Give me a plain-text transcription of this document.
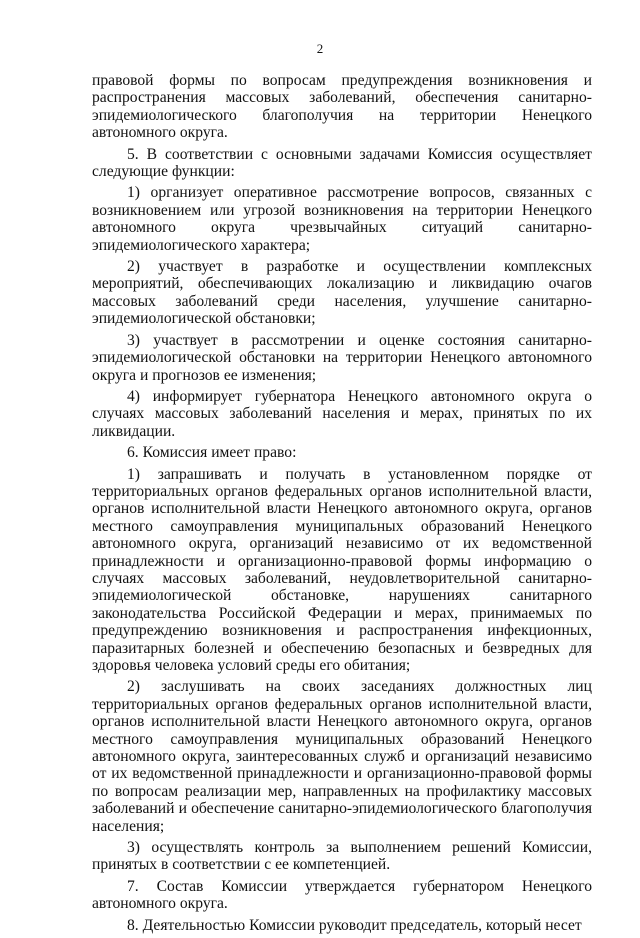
2

правовой формы по вопросам предупреждения возникновения и распространения массовых заболеваний, обеспечения санитарно-эпидемиологического благополучия на территории Ненецкого автономного округа.

5. В соответствии с основными задачами Комиссия осуществляет следующие функции:

1) организует оперативное рассмотрение вопросов, связанных с возникновением или угрозой возникновения на территории Ненецкого автономного округа чрезвычайных ситуаций санитарно-эпидемиологического характера;

2) участвует в разработке и осуществлении комплексных мероприятий, обеспечивающих локализацию и ликвидацию очагов массовых заболеваний среди населения, улучшение санитарно-эпидемиологической обстановки;

3) участвует в рассмотрении и оценке состояния санитарно-эпидемиологической обстановки на территории Ненецкого автономного округа и прогнозов ее изменения;

4) информирует губернатора Ненецкого автономного округа о случаях массовых заболеваний населения и мерах, принятых по их ликвидации.

6. Комиссия имеет право:

1) запрашивать и получать в установленном порядке от территориальных органов федеральных органов исполнительной власти, органов исполнительной власти Ненецкого автономного округа, органов местного самоуправления муниципальных образований Ненецкого автономного округа, организаций независимо от их ведомственной принадлежности и организационно-правовой формы информацию о случаях массовых заболеваний, неудовлетворительной санитарно-эпидемиологической обстановке, нарушениях санитарного законодательства Российской Федерации и мерах, принимаемых по предупреждению возникновения и распространения инфекционных, паразитарных болезней и обеспечению безопасных и безвредных для здоровья человека условий среды его обитания;

2) заслушивать на своих заседаниях должностных лиц территориальных органов федеральных органов исполнительной власти, органов исполнительной власти Ненецкого автономного округа, органов местного самоуправления муниципальных образований Ненецкого автономного округа, заинтересованных служб и организаций независимо от их ведомственной принадлежности и организационно-правовой формы по вопросам реализации мер, направленных на профилактику массовых заболеваний и обеспечение санитарно-эпидемиологического благополучия населения;

3) осуществлять контроль за выполнением решений Комиссии, принятых в соответствии с ее компетенцией.

7. Состав Комиссии утверждается губернатором Ненецкого автономного округа.

8. Деятельностью Комиссии руководит председатель, который несет
